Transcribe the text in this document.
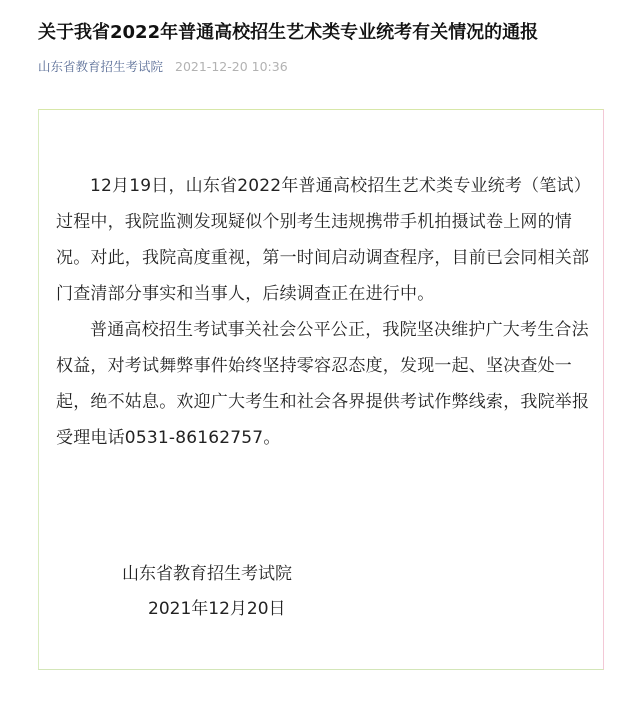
关于我省2022年普通高校招生艺术类专业统考有关情况的通报
山东省教育招生考试院 2021-12-20 10:36

12月19日，山东省2022年普通高校招生艺术类专业统考（笔试）过程中，我院监测发现疑似个别考生违规携带手机拍摄试卷上网的情况。对此，我院高度重视，第一时间启动调查程序，目前已会同相关部门查清部分事实和当事人，后续调查正在进行中。

普通高校招生考试事关社会公平公正，我院坚决维护广大考生合法权益，对考试舞弊事件始终坚持零容忍态度，发现一起、坚决查处一起，绝不姑息。欢迎广大考生和社会各界提供考试作弊线索，我院举报受理电话0531-86162757。

山东省教育招生考试院
2021年12月20日
